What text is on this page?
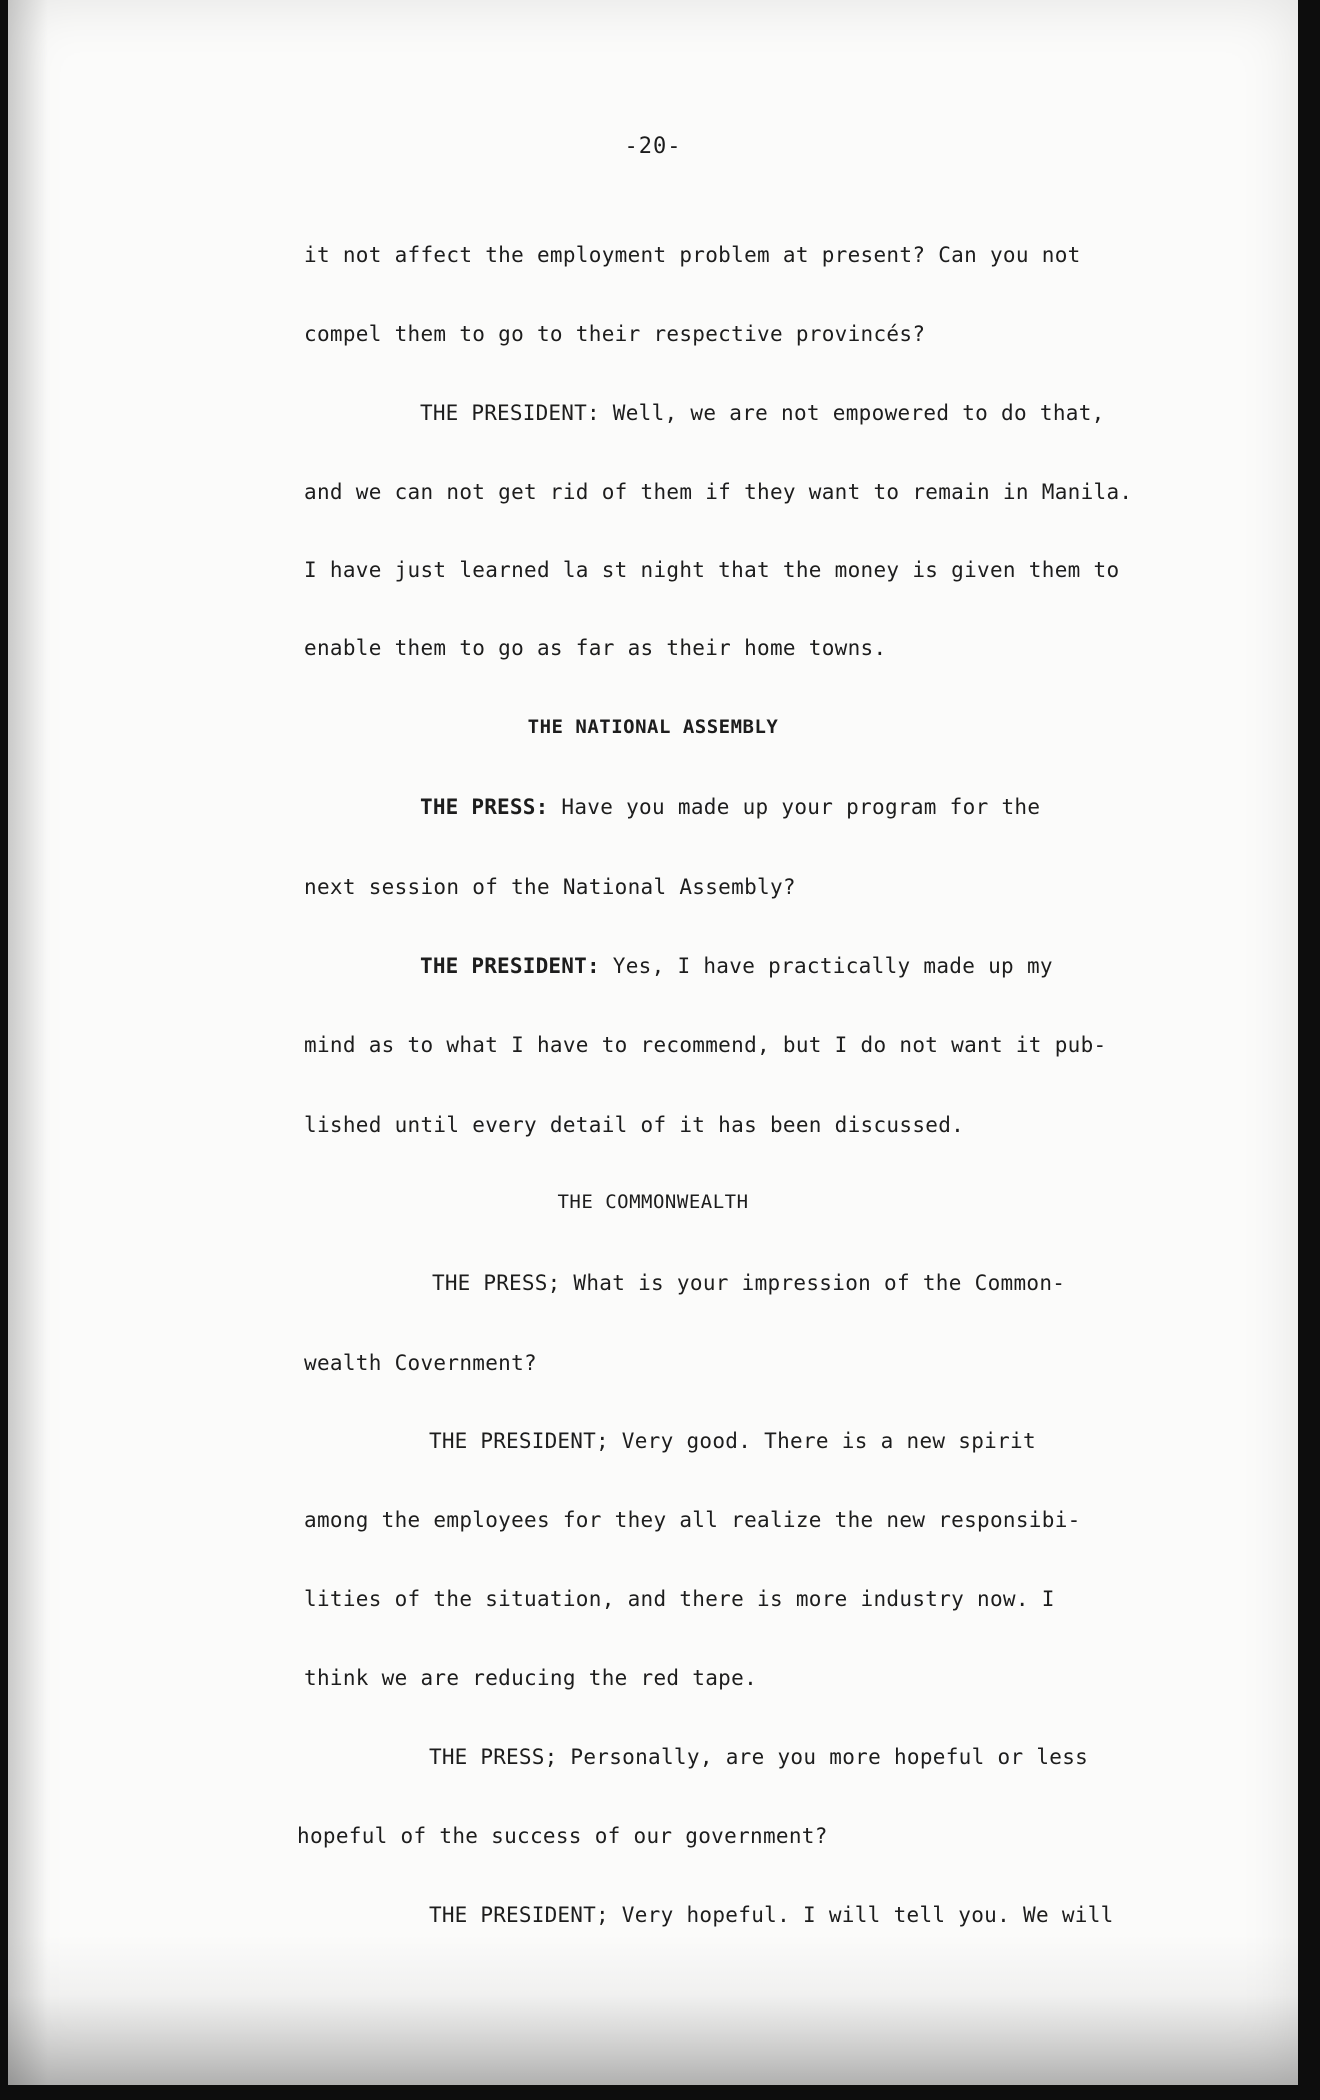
-20-
it not affect the employment problem at present? Can you not
compel them to go to their respective provincés?
THE PRESIDENT: Well, we are not empowered to do that,
and we can not get rid of them if they want to remain in Manila.
I have just learned la st night that the money is given them to
enable them to go as far as their home towns.
THE NATIONAL ASSEMBLY
THE PRESS: Have you made up your program for the
next session of the National Assembly?
THE PRESIDENT: Yes, I have practically made up my
mind as to what I have to recommend, but I do not want it pub-
lished until every detail of it has been discussed.
THE COMMONWEALTH
THE PRESS; What is your impression of the Common-
wealth Covernment?
THE PRESIDENT; Very good. There is a new spirit
among the employees for they all realize the new responsibi-
lities of the situation, and there is more industry now. I
think we are reducing the red tape.
THE PRESS; Personally, are you more hopeful or less
hopeful of the success of our government?
THE PRESIDENT; Very hopeful. I will tell you. We will
